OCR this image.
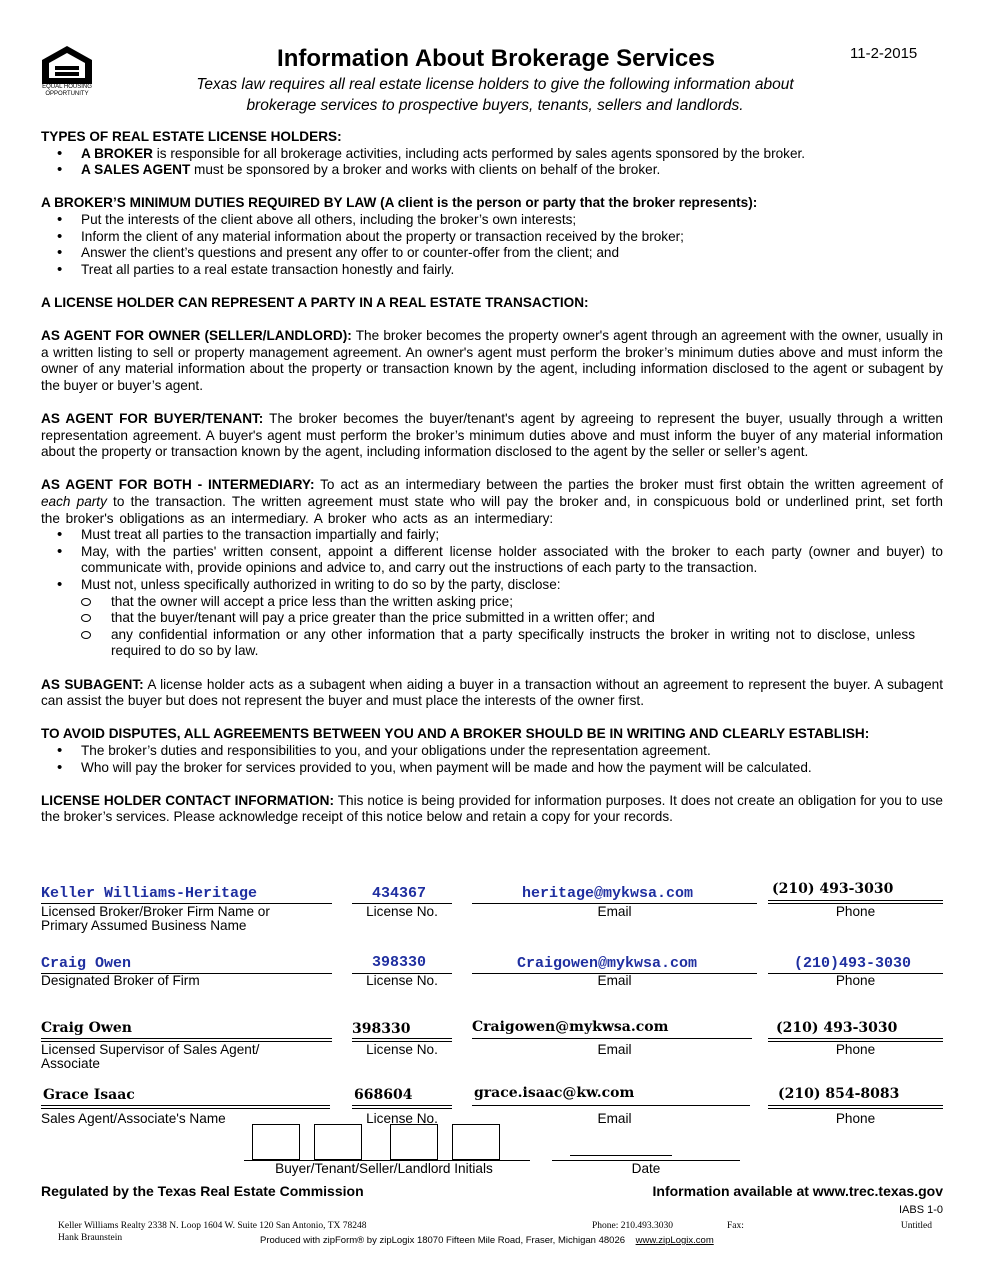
EQUAL HOUSING OPPORTUNITY
11-2-2015
Information About Brokerage Services
Texas law requires all real estate license holders to give the following information about
brokerage services to prospective buyers, tenants, sellers and landlords.
TYPES OF REAL ESTATE LICENSE HOLDERS:
• A BROKER is responsible for all brokerage activities, including acts performed by sales agents sponsored by the broker.
• A SALES AGENT must be sponsored by a broker and works with clients on behalf of the broker.
A BROKER’S MINIMUM DUTIES REQUIRED BY LAW (A client is the person or party that the broker represents):
• Put the interests of the client above all others, including the broker’s own interests;
• Inform the client of any material information about the property or transaction received by the broker;
• Answer the client’s questions and present any offer to or counter-offer from the client; and
• Treat all parties to a real estate transaction honestly and fairly.
A LICENSE HOLDER CAN REPRESENT A PARTY IN A REAL ESTATE TRANSACTION:

AS AGENT FOR OWNER (SELLER/LANDLORD): The broker becomes the property owner's agent through an agreement with the owner, usually in a written listing to sell or property management agreement. An owner's agent must perform the broker’s minimum duties above and must inform the owner of any material information about the property or transaction known by the agent, including information disclosed to the agent or subagent by the buyer or buyer’s agent.

AS AGENT FOR BUYER/TENANT: The broker becomes the buyer/tenant's agent by agreeing to represent the buyer, usually through a written representation agreement. A buyer's agent must perform the broker’s minimum duties above and must inform the buyer of any material information about the property or transaction known by the agent, including information disclosed to the agent by the seller or seller’s agent.

AS AGENT FOR BOTH - INTERMEDIARY: To act as an intermediary between the parties the broker must first obtain the written agreement of each party to the transaction. The written agreement must state who will pay the broker and, in conspicuous bold or underlined print, set forth the broker's obligations as an intermediary. A broker who acts as an intermediary:

• Must treat all parties to the transaction impartially and fairly;
• May, with the parties' written consent, appoint a different license holder associated with the broker to each party (owner and buyer) to communicate with, provide opinions and advice to, and carry out the instructions of each party to the transaction.
• Must not, unless specifically authorized in writing to do so by the party, disclose:
that the owner will accept a price less than the written asking price;
that the buyer/tenant will pay a price greater than the price submitted in a written offer; and
any confidential information or any other information that a party specifically instructs the broker in writing not to disclose, unless required to do so by law.

AS SUBAGENT: A license holder acts as a subagent when aiding a buyer in a transaction without an agreement to represent the buyer. A subagent can assist the buyer but does not represent the buyer and must place the interests of the owner first.

TO AVOID DISPUTES, ALL AGREEMENTS BETWEEN YOU AND A BROKER SHOULD BE IN WRITING AND CLEARLY ESTABLISH:
• The broker’s duties and responsibilities to you, and your obligations under the representation agreement.
• Who will pay the broker for services provided to you, when payment will be made and how the payment will be calculated.

LICENSE HOLDER CONTACT INFORMATION: This notice is being provided for information purposes. It does not create an obligation for you to use the broker’s services. Please acknowledge receipt of this notice below and retain a copy for your records.

Keller Williams-Heritage	434367	heritage@mykwsa.com	(210) 493-3030
Licensed Broker/Broker Firm Name or
Primary Assumed Business Name
License No.	Email	Phone
Craig Owen	398330	Craigowen@mykwsa.com	(210)493-3030
Designated Broker of Firm	License No.	Email	Phone
Craig Owen	398330	Craigowen@mykwsa.com	(210) 493-3030
Licensed Supervisor of Sales Agent/
Associate
License No.	Email	Phone
Grace Isaac	668604	grace.isaac@kw.com	(210) 854-8083
Sales Agent/Associate's Name	License No.	Email	Phone
Buyer/Tenant/Seller/Landlord Initials	Date
Regulated by the Texas Real Estate Commission	Information available at www.trec.texas.gov
IABS 1-0
Keller Williams Realty 2338 N. Loop 1604 W. Suite 120 San Antonio, TX 78248
Hank Braunstein
Phone: 210.493.3030	Fax:	Untitled
Produced with zipForm® by zipLogix 18070 Fifteen Mile Road, Fraser, Michigan 48026 www.zipLogix.com
